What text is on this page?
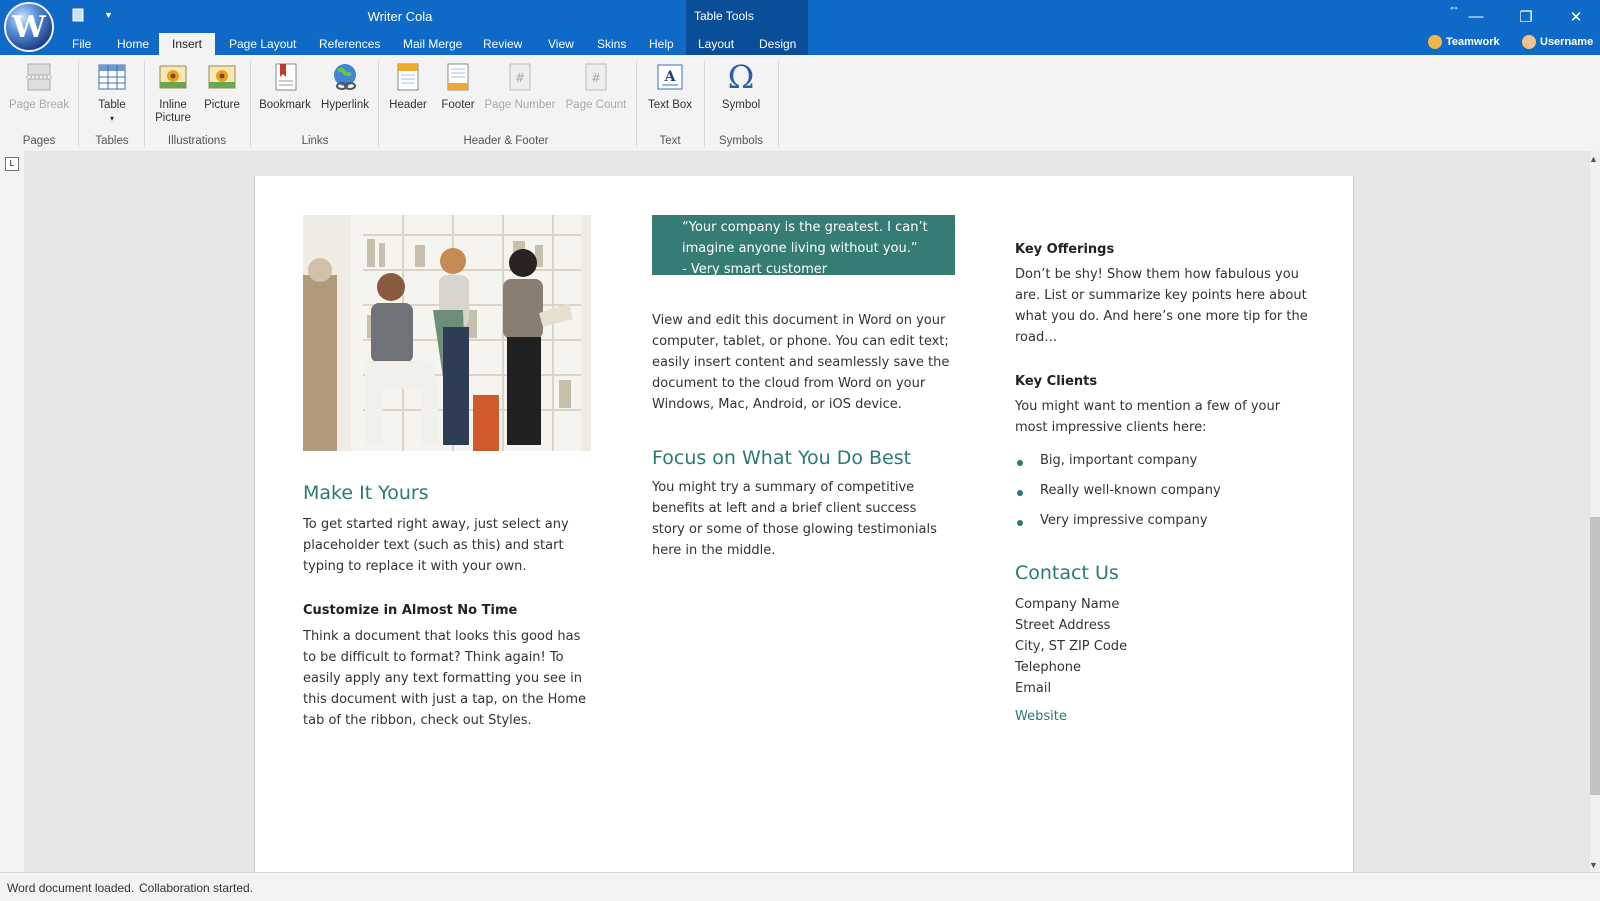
W	▼	Writer Cola	Table Tools
File Home	Insert	Page Layout References Mail Merge Review View Skins Help Layout Design
⇔
—	❐	✕
Teamwork	Username
Page Break
Pages
Table
▾
Tables
Inline Picture
Picture
Illustrations
Bookmark Hyperlink
Links
Header	Footer
#
Page Number
#
Page Count
Header & Footer
A
Text Box
Text
Ω
Symbol
Symbols
L
Make It Yours
To get started right away, just select any placeholder text (such as this) and start typing to replace it with your own.
Customize in Almost No Time
Think a document that looks this good has to be difficult to format? Think again! To easily apply any text formatting you see in this document with just a tap, on the Home tab of the ribbon, check out Styles.
“Your company is the greatest. I can’t imagine anyone living without you.”
- Very smart customer
View and edit this document in Word on your computer, tablet, or phone. You can edit text; easily insert content and seamlessly save the document to the cloud from Word on your Windows, Mac, Android, or iOS device.
Focus on What You Do Best
You might try a summary of competitive benefits at left and a brief client success story or some of those glowing testimonials here in the middle.
Key Offerings
Don’t be shy! Show them how fabulous you are. List or summarize key points here about what you do. And here’s one more tip for the road…
Key Clients
You might want to mention a few of your most impressive clients here:
Big, important company
Really well-known company
Very impressive company
Contact Us
Company Name
Street Address
City, ST ZIP Code
Telephone
Email
Website
▲
▼
Word document loaded. Collaboration started.
